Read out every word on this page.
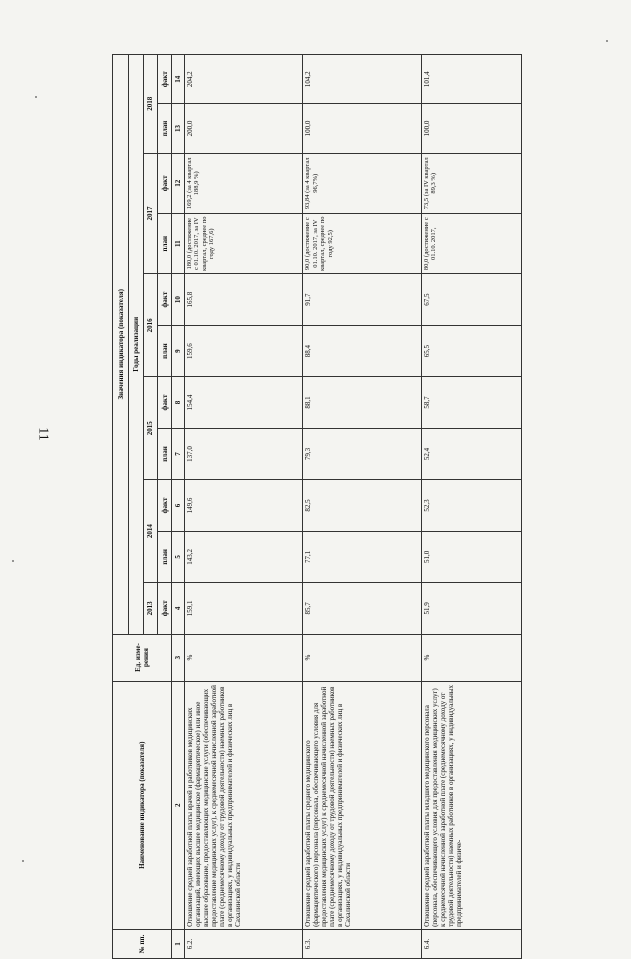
11
№ пп.	Наименование индикатора (показателя)	Ед. изме- рения	Значения индикатора (показателя)										
			Годы реализации										
			2013	2014		2015		2016		2017		2018	
			факт	план	факт	план	факт	план	факт	план	факт	план	факт
1	2	3	4	5	6	7	8	9	10	11	12	13	14
6.2.	Отношение средней заработной платы врачей и работников медицинских организаций, имеющих высшее медицинское (фармацевтическое) или иное высшее образование, предоставляющих медицинские услуги (обеспечивающих предоставление медицинских услуг), к среднемесячной начисленной заработной плате (среднемесячному доходу от трудовой деятельности) наемных работников в организациях, у индивидуальных предпринимателей и физических лиц в Сахалинской области	%	159,1	143,2	149,6	137,0	154,4	159,6	165,8	180,0 (достижение с 01.10. 2017, за IV квартал, среднее по году 167,6)	169,2 (за 4 квартал 188,9 %)	200,0	204,2
6.3.	Отношение средней заработной платы среднего медицинского (фармацевтического) персонала (персонала, обеспечивающего условия для предоставления медицинских услуг) к среднемесячной начисленной заработной плате (среднемесячному доходу от трудовой деятельности) наемных работников в организациях, у индивидуальных предпринимателей и физических лиц в Сахалинской области	%	85,7	77,1	82,5	79,3	88,1	88,4	91,7	90,0 (достижение с 01.10. 2017, за IV квартал, среднее по году 92,5)	93,84 (за 4 квартал 96,7%)	100,0	104,2
6.4.	Отношение средней заработной платы младшего медицинского персонала (персонала, обеспечивающего условия для предоставления медицинских услуг) к среднемесячной начисленной заработной плате (среднемесячному доходу от трудовой деятельности) наемных работников в организациях, у индивидуальных предпринимателей и физиче-	%	51,9	51,0	52,3	52,4	58,7	65,5	67,5	80,0 (достижение с 01.10. 2017,	73,5 (за IV квартал 89,3 %)	100,0	101,4
